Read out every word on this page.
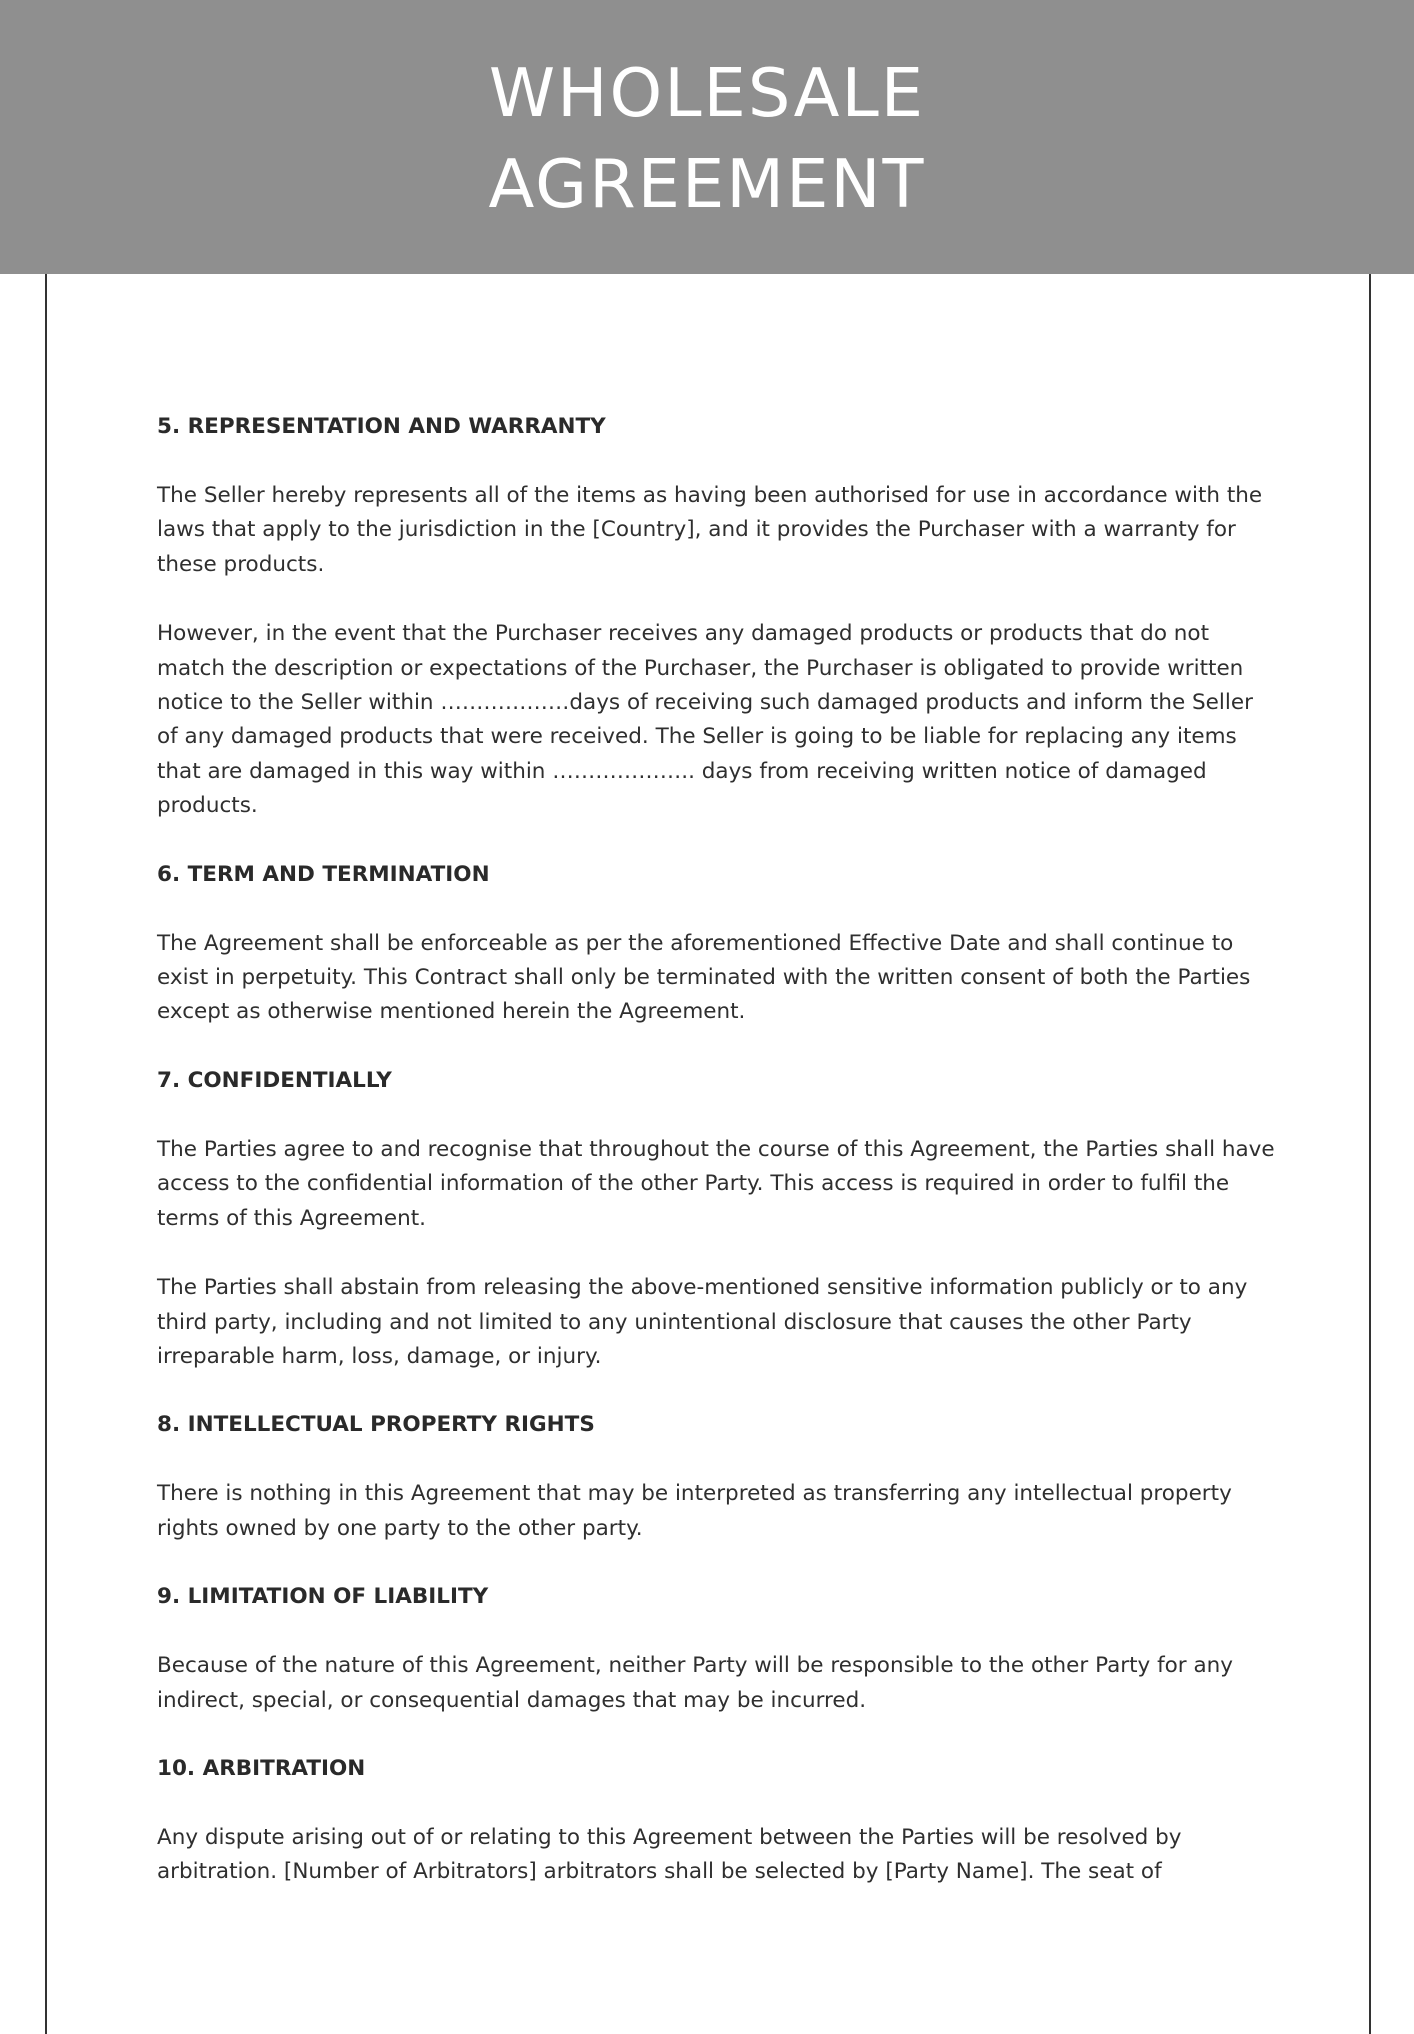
WHOLESALE
AGREEMENT

5. REPRESENTATION AND WARRANTY

The Seller hereby represents all of the items as having been authorised for use in accordance with the laws that apply to the jurisdiction in the [Country], and it provides the Purchaser with a warranty for these products.

However, in the event that the Purchaser receives any damaged products or products that do not match the description or expectations of the Purchaser, the Purchaser is obligated to provide written notice to the Seller within ………………days of receiving such damaged products and inform the Seller of any damaged products that were received. The Seller is going to be liable for replacing any items that are damaged in this way within ……………….. days from receiving written notice of damaged products.

6. TERM AND TERMINATION

The Agreement shall be enforceable as per the aforementioned Effective Date and shall continue to exist in perpetuity. This Contract shall only be terminated with the written consent of both the Parties except as otherwise mentioned herein the Agreement.

7. CONFIDENTIALLY

The Parties agree to and recognise that throughout the course of this Agreement, the Parties shall have access to the confidential information of the other Party. This access is required in order to fulfil the terms of this Agreement.

The Parties shall abstain from releasing the above-mentioned sensitive information publicly or to any third party, including and not limited to any unintentional disclosure that causes the other Party irreparable harm, loss, damage, or injury.

8. INTELLECTUAL PROPERTY RIGHTS

There is nothing in this Agreement that may be interpreted as transferring any intellectual property rights owned by one party to the other party.

9. LIMITATION OF LIABILITY

Because of the nature of this Agreement, neither Party will be responsible to the other Party for any indirect, special, or consequential damages that may be incurred.

10. ARBITRATION

Any dispute arising out of or relating to this Agreement between the Parties will be resolved by arbitration. [Number of Arbitrators] arbitrators shall be selected by [Party Name]. The seat of
